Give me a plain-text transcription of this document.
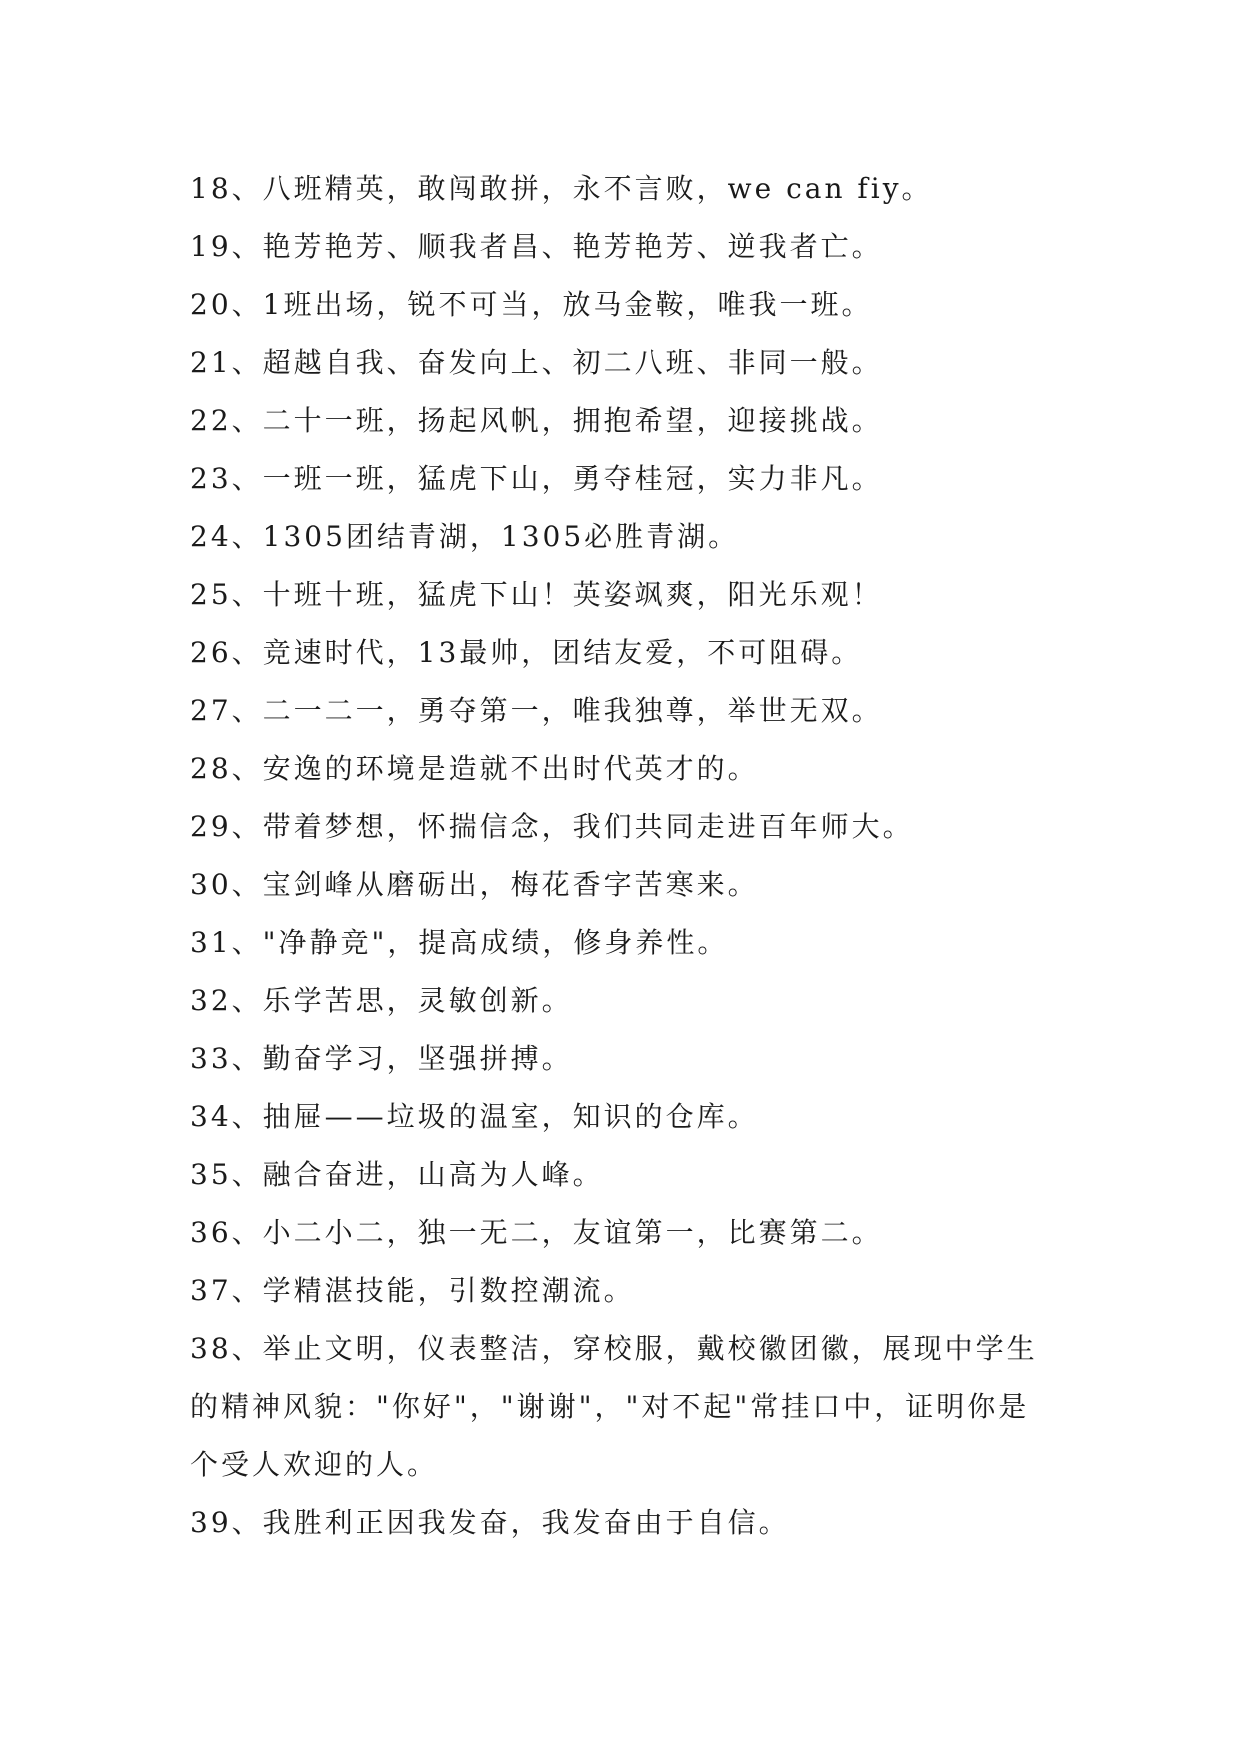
18、八班精英，敢闯敢拼，永不言败，we can fiy。

19、艳芳艳芳、顺我者昌、艳芳艳芳、逆我者亡。

20、1班出场，锐不可当，放马金鞍，唯我一班。

21、超越自我、奋发向上、初二八班、非同一般。

22、二十一班，扬起风帆，拥抱希望，迎接挑战。

23、一班一班，猛虎下山，勇夺桂冠，实力非凡。

24、1305团结青湖，1305必胜青湖。

25、十班十班，猛虎下山！英姿飒爽，阳光乐观！

26、竞速时代，13最帅，团结友爱，不可阻碍。

27、二一二一，勇夺第一，唯我独尊，举世无双。

28、安逸的环境是造就不出时代英才的。

29、带着梦想，怀揣信念，我们共同走进百年师大。

30、宝剑峰从磨砺出，梅花香字苦寒来。

31、"净静竞"，提高成绩，修身养性。

32、乐学苦思，灵敏创新。

33、勤奋学习，坚强拼搏。

34、抽屉——垃圾的温室，知识的仓库。

35、融合奋进，山高为人峰。

36、小二小二，独一无二，友谊第一，比赛第二。

37、学精湛技能，引数控潮流。

38、举止文明，仪表整洁，穿校服，戴校徽团徽，展现中学生的精神风貌："你好"，"谢谢"，"对不起"常挂口中，证明你是个受人欢迎的人。

39、我胜利正因我发奋，我发奋由于自信。
